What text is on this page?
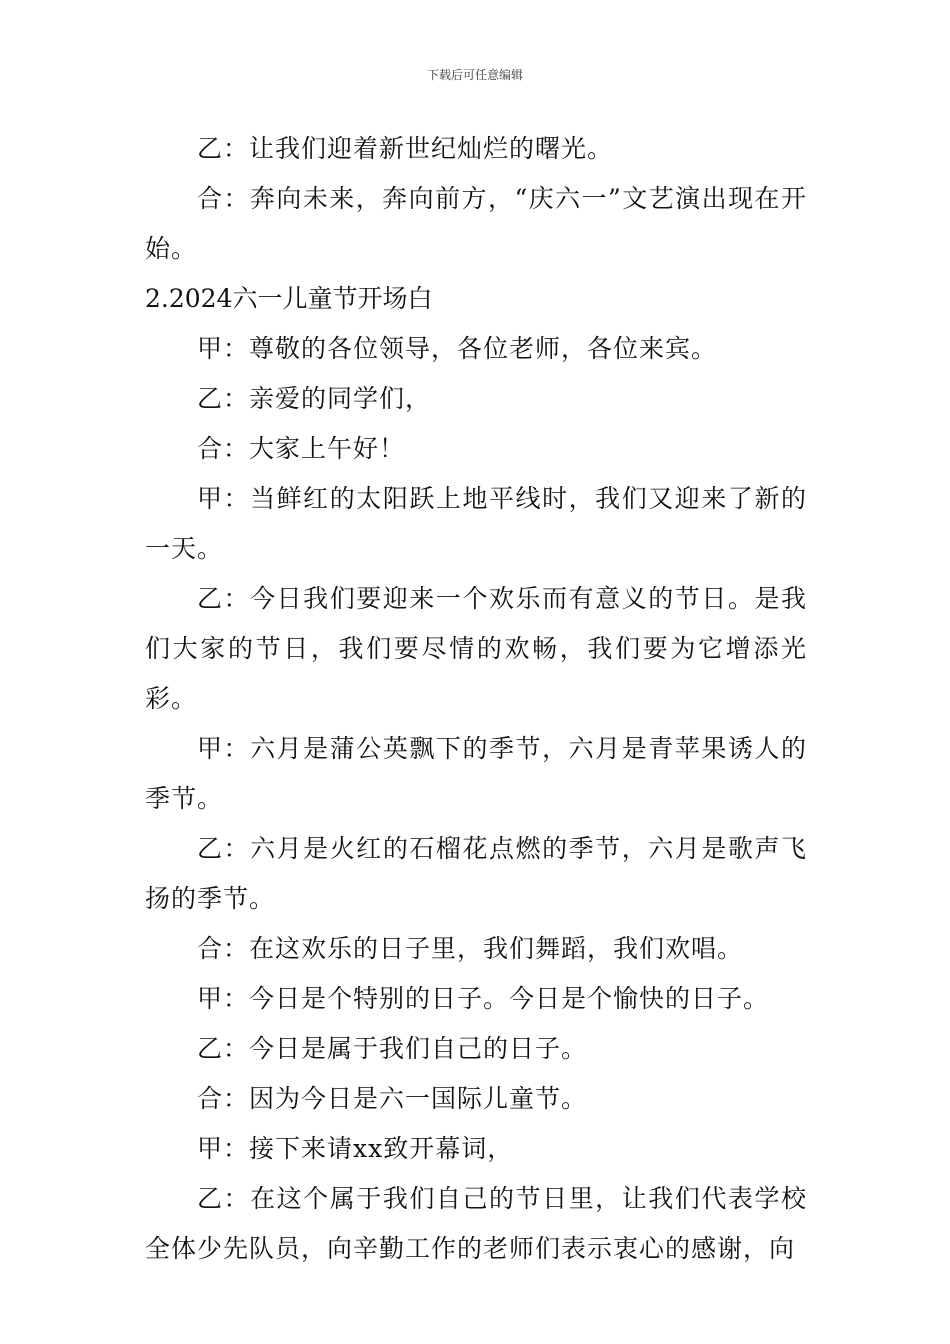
下载后可任意编辑

乙：让我们迎着新世纪灿烂的曙光。

合：奔向未来，奔向前方，“庆六一”文艺演出现在开始。

2.2024六一儿童节开场白

甲：尊敬的各位领导，各位老师，各位来宾。

乙：亲爱的同学们，

合：大家上午好！

甲：当鲜红的太阳跃上地平线时，我们又迎来了新的一天。

乙：今日我们要迎来一个欢乐而有意义的节日。是我们大家的节日，我们要尽情的欢畅，我们要为它增添光彩。

甲：六月是蒲公英飘下的季节，六月是青苹果诱人的季节。

乙：六月是火红的石榴花点燃的季节，六月是歌声飞扬的季节。

合：在这欢乐的日子里，我们舞蹈，我们欢唱。

甲：今日是个特别的日子。今日是个愉快的日子。

乙：今日是属于我们自己的日子。

合：因为今日是六一国际儿童节。

甲：接下来请xx致开幕词，

乙：在这个属于我们自己的节日里，让我们代表学校全体少先队员，向辛勤工作的老师们表示衷心的感谢，向
